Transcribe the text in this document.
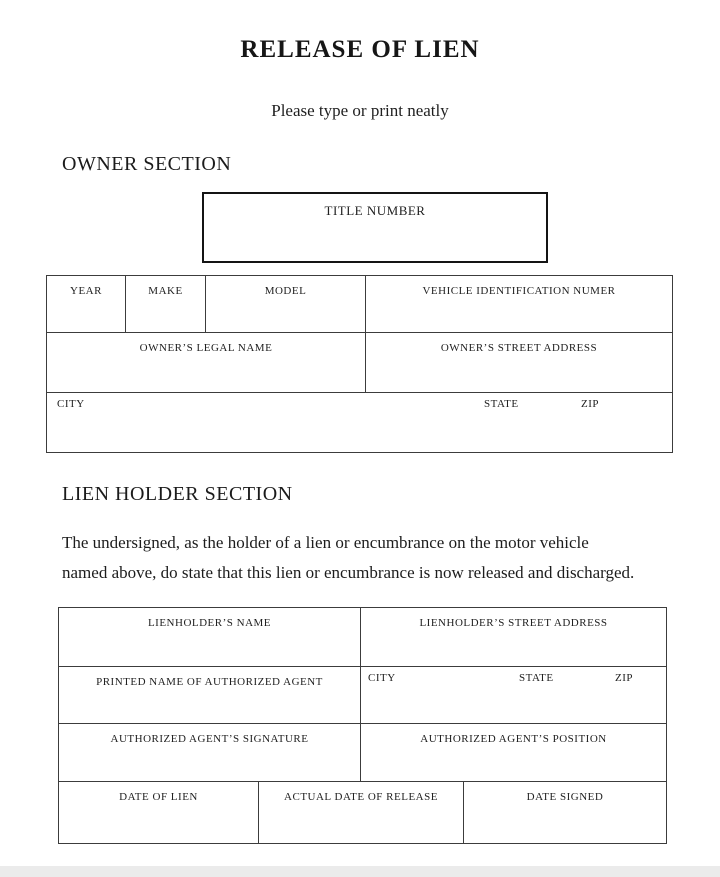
RELEASE OF LIEN
Please type or print neatly
OWNER SECTION
TITLE NUMBER
YEAR	MAKE	MODEL	VEHICLE IDENTIFICATION NUMER
OWNER’S LEGAL NAME	OWNER’S STREET ADDRESS
CITY	STATE	ZIP
LIEN HOLDER SECTION
The undersigned, as the holder of a lien or encumbrance on the motor vehicle
named above, do state that this lien or encumbrance is now released and discharged.
LIENHOLDER’S NAME	LIENHOLDER’S STREET ADDRESS
PRINTED NAME OF AUTHORIZED AGENT	CITY	STATE	ZIP
AUTHORIZED AGENT’S SIGNATURE	AUTHORIZED AGENT’S POSITION
DATE OF LIEN	ACTUAL DATE OF RELEASE	DATE SIGNED
